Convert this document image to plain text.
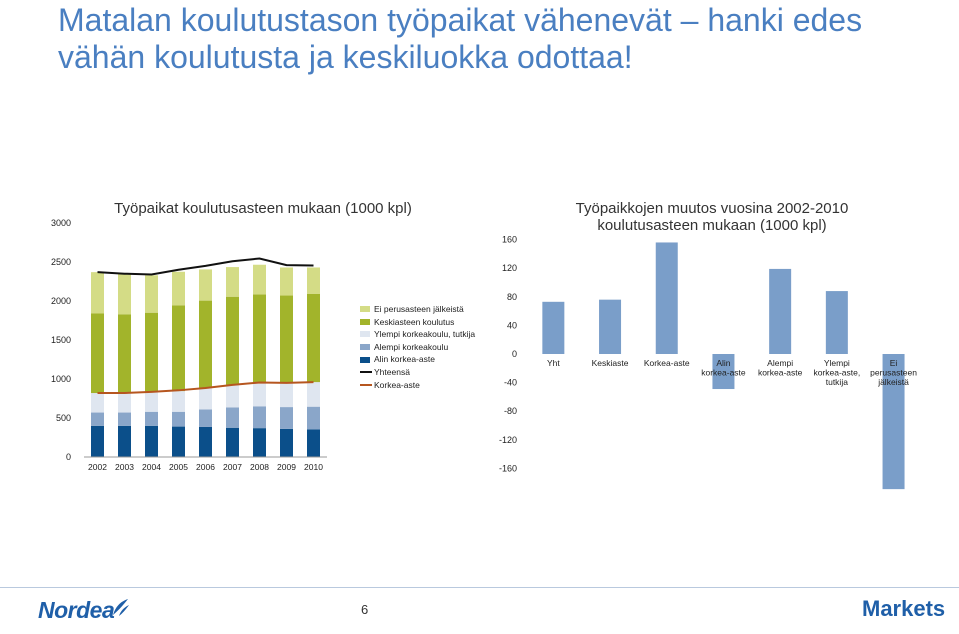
Matalan koulutustason työpaikat vähenevät – hanki edes vähän koulutusta ja keskiluokka odottaa!
Työpaikat koulutusasteen mukaan (1000 kpl)	Työpaikkojen muutos vuosina 2002-2010 koulutusasteen mukaan (1000 kpl)
0
500
1000
1500
2000
2500
3000
2002 2003 2004 2005 2006 2007 2008 2009 2010	-160
-120
-80
-40
0
40
80
120
160
Yht	Keskiaste Korkea-aste	Alin
korkea-aste
Alempi
korkea-aste
Ylempi
korkea-aste,
tutkija
Ei
perusasteen
jälkeistä
Ei perusasteen jälkeistä
Keskiasteen koulutus
Ylempi korkeakoulu, tutkija
Alempi korkeakoulu
Alin korkea-aste
Yhteensä
Korkea-aste
Nordea	6	Markets
